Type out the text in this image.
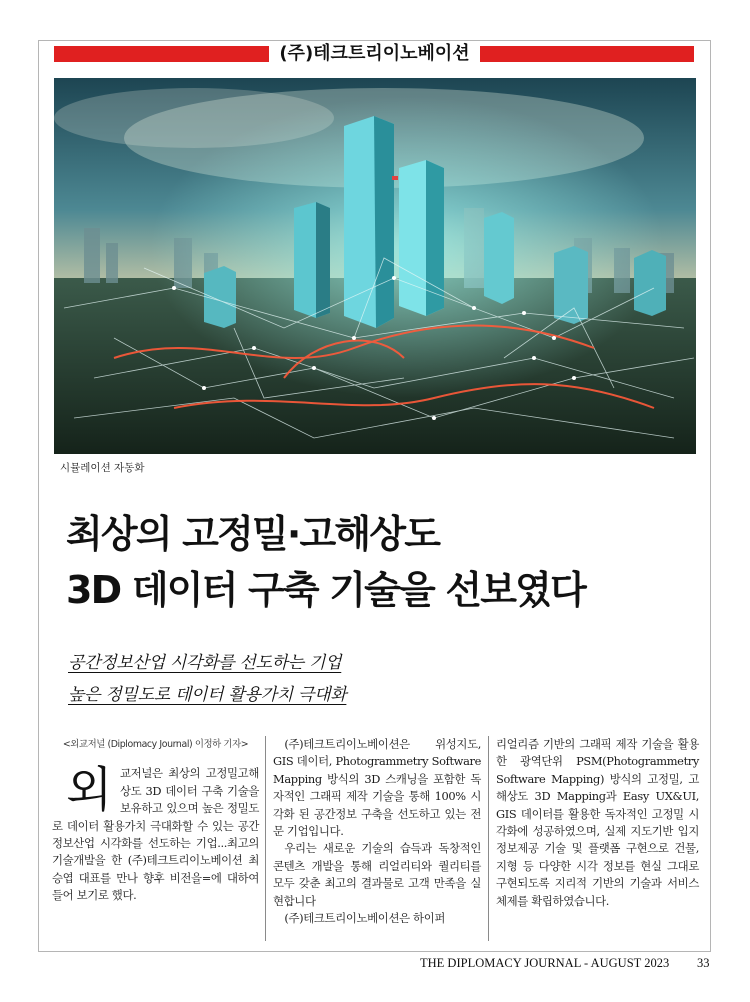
(주)테크트리이노베이션
시뮬레이션 자동화
최상의 고정밀·고해상도
3D 데이터 구축 기술을 선보였다
공간정보산업 시각화를 선도하는 기업
높은 정밀도로 데이터 활용가치 극대화
<외교저널 (Diplomacy Journal) 이정하 기자>
외 교저널은 최상의 고정밀고해상도 3D 데이터 구축 기술을 보유하고 있으며 높은 정밀도로 데이터 활용가치 극대화할 수 있는 공간정보산업 시각화를 선도하는 기업...최고의 기술개발을 한 (주)테크트리이노베이션 최승엽 대표를 만나 향후 비전을=에 대하여 들어 보기로 했다.

(주)테크트리이노베이션은 위성지도, GIS 데이터, Photogrammetry Software Mapping 방식의 3D 스캐닝을 포함한 독자적인 그래픽 제작 기술을 통해 100% 시각화 된 공간정보 구축을 선도하고 있는 전문 기업입니다.

우리는 새로운 기술의 습득과 독창적인 콘텐츠 개발을 통해 리얼리티와 퀄리티를 모두 갖춘 최고의 결과물로 고객 만족을 실현합니다

(주)테크트리이노베이션은 하이퍼

리얼리즘 기반의 그래픽 제작 기술을 활용한 광역단위 PSM(Photogrammetry Software Mapping) 방식의 고정밀, 고해상도 3D Mapping과 Easy UX&UI, GIS 데이터를 활용한 독자적인 고정밀 시각화에 성공하였으며, 실제 지도기반 입지정보제공 기술 및 플랫폼 구현으로 건물, 지형 등 다양한 시각 정보를 현실 그대로 구현되도록 지리적 기반의 기술과 서비스 체제를 확립하였습니다.

THE DIPLOMACY JOURNAL - AUGUST 2023 33
